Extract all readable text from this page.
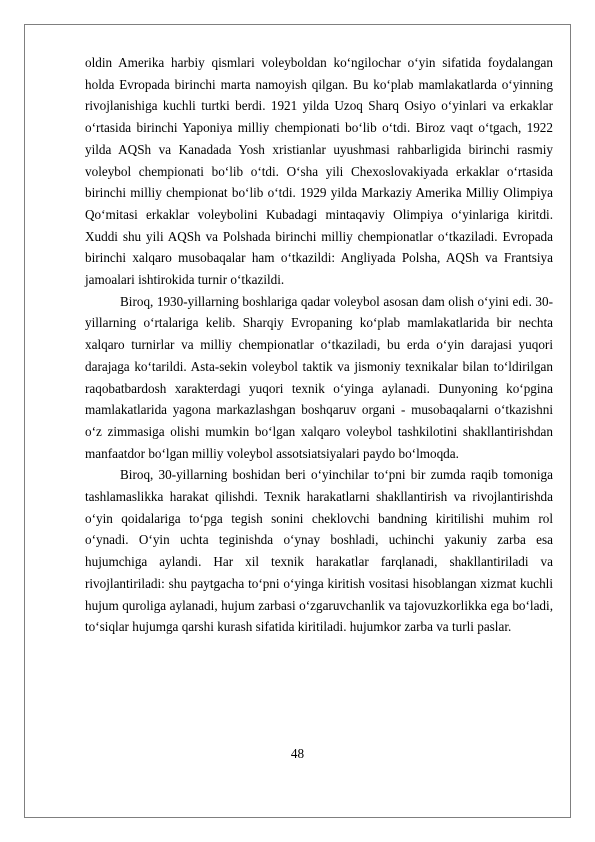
oldin Amerika harbiy qismlari voleyboldan ko‘ngilochar o‘yin sifatida foydalangan holda Evropada birinchi marta namoyish qilgan. Bu ko‘plab mamlakatlarda o‘yinning rivojlanishiga kuchli turtki berdi. 1921 yilda Uzoq Sharq Osiyo o‘yinlari va erkaklar o‘rtasida birinchi Yaponiya milliy chempionati bo‘lib o‘tdi. Biroz vaqt o‘tgach, 1922 yilda AQSh va Kanadada Yosh xristianlar uyushmasi rahbarligida birinchi rasmiy voleybol chempionati bo‘lib o‘tdi. O‘sha yili Chexoslovakiyada erkaklar o‘rtasida birinchi milliy chempionat bo‘lib o‘tdi. 1929 yilda Markaziy Amerika Milliy Olimpiya Qo‘mitasi erkaklar voleybolini Kubadagi mintaqaviy Olimpiya o‘yinlariga kiritdi. Xuddi shu yili AQSh va Polshada birinchi milliy chempionatlar o‘tkaziladi. Evropada birinchi xalqaro musobaqalar ham o‘tkazildi: Angliyada Polsha, AQSh va Frantsiya jamoalari ishtirokida turnir o‘tkazildi.

Biroq, 1930-yillarning boshlariga qadar voleybol asosan dam olish o‘yini edi. 30-yillarning o‘rtalariga kelib. Sharqiy Evropaning ko‘plab mamlakatlarida bir nechta xalqaro turnirlar va milliy chempionatlar o‘tkaziladi, bu erda o‘yin darajasi yuqori darajaga ko‘tarildi. Asta-sekin voleybol taktik va jismoniy texnikalar bilan to‘ldirilgan raqobatbardosh xarakterdagi yuqori texnik o‘yinga aylanadi. Dunyoning ko‘pgina mamlakatlarida yagona markazlashgan boshqaruv organi - musobaqalarni o‘tkazishni o‘z zimmasiga olishi mumkin bo‘lgan xalqaro voleybol tashkilotini shakllantirishdan manfaatdor bo‘lgan milliy voleybol assotsiatsiyalari paydo bo‘lmoqda.

Biroq, 30-yillarning boshidan beri o‘yinchilar to‘pni bir zumda raqib tomoniga tashlamaslikka harakat qilishdi. Texnik harakatlarni shakllantirish va rivojlantirishda o‘yin qoidalariga to‘pga tegish sonini cheklovchi bandning kiritilishi muhim rol o‘ynadi. O‘yin uchta teginishda o‘ynay boshladi, uchinchi yakuniy zarba esa hujumchiga aylandi. Har xil texnik harakatlar farqlanadi, shakllantiriladi va rivojlantiriladi: shu paytgacha to‘pni o‘yinga kiritish vositasi hisoblangan xizmat kuchli hujum quroliga aylanadi, hujum zarbasi o‘zgaruvchanlik va tajovuzkorlikka ega bo‘ladi, to‘siqlar hujumga qarshi kurash sifatida kiritiladi. hujumkor zarba va turli paslar.

48
